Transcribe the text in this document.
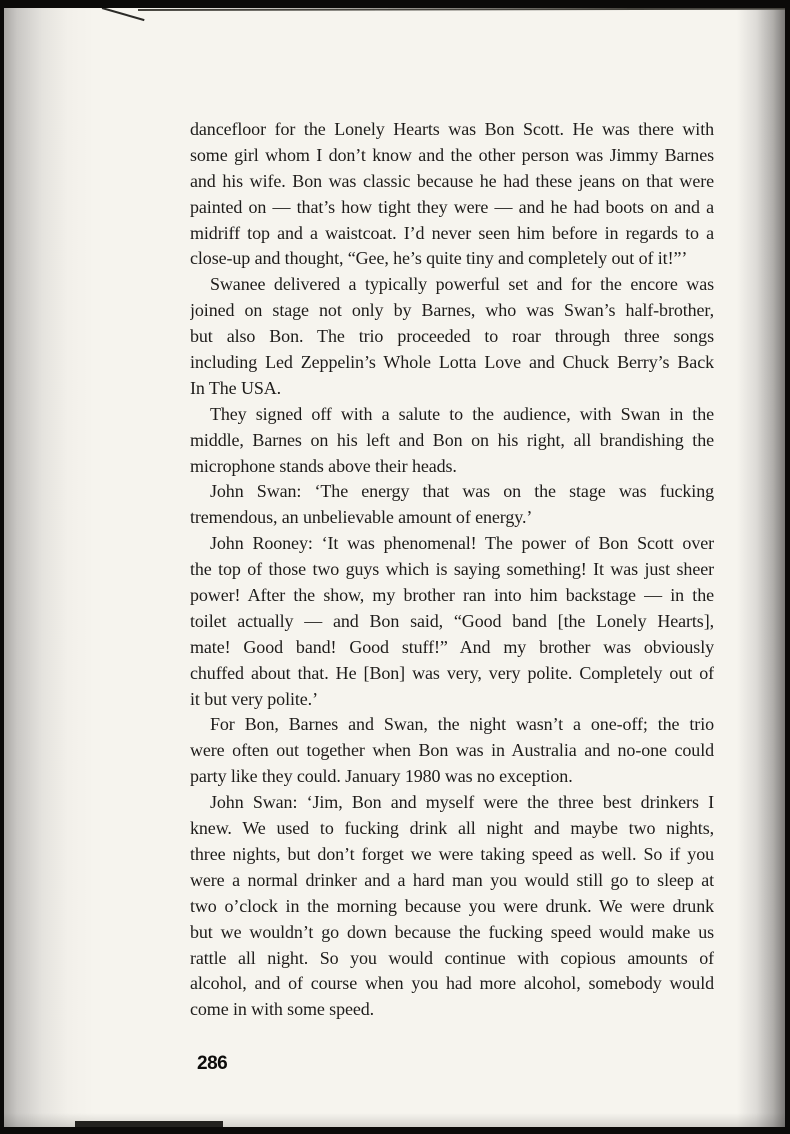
dancefloor for the Lonely Hearts was Bon Scott. He was there with
some girl whom I don’t know and the other person was Jimmy Barnes
and his wife. Bon was classic because he had these jeans on that were
painted on — that’s how tight they were — and he had boots on and a
midriff top and a waistcoat. I’d never seen him before in regards to a
close-up and thought, “Gee, he’s quite tiny and completely out of it!”’
Swanee delivered a typically powerful set and for the encore was
joined on stage not only by Barnes, who was Swan’s half-brother,
but also Bon. The trio proceeded to roar through three songs
including Led Zeppelin’s Whole Lotta Love and Chuck Berry’s Back
In The USA.
They signed off with a salute to the audience, with Swan in the
middle, Barnes on his left and Bon on his right, all brandishing the
microphone stands above their heads.
John Swan: ‘The energy that was on the stage was fucking
tremendous, an unbelievable amount of energy.’
John Rooney: ‘It was phenomenal! The power of Bon Scott over
the top of those two guys which is saying something! It was just sheer
power! After the show, my brother ran into him backstage — in the
toilet actually — and Bon said, “Good band [the Lonely Hearts],
mate! Good band! Good stuff!” And my brother was obviously
chuffed about that. He [Bon] was very, very polite. Completely out of
it but very polite.’
For Bon, Barnes and Swan, the night wasn’t a one-off; the trio
were often out together when Bon was in Australia and no-one could
party like they could. January 1980 was no exception.
John Swan: ‘Jim, Bon and myself were the three best drinkers I
knew. We used to fucking drink all night and maybe two nights,
three nights, but don’t forget we were taking speed as well. So if you
were a normal drinker and a hard man you would still go to sleep at
two o’clock in the morning because you were drunk. We were drunk
but we wouldn’t go down because the fucking speed would make us
rattle all night. So you would continue with copious amounts of
alcohol, and of course when you had more alcohol, somebody would
come in with some speed.
286
